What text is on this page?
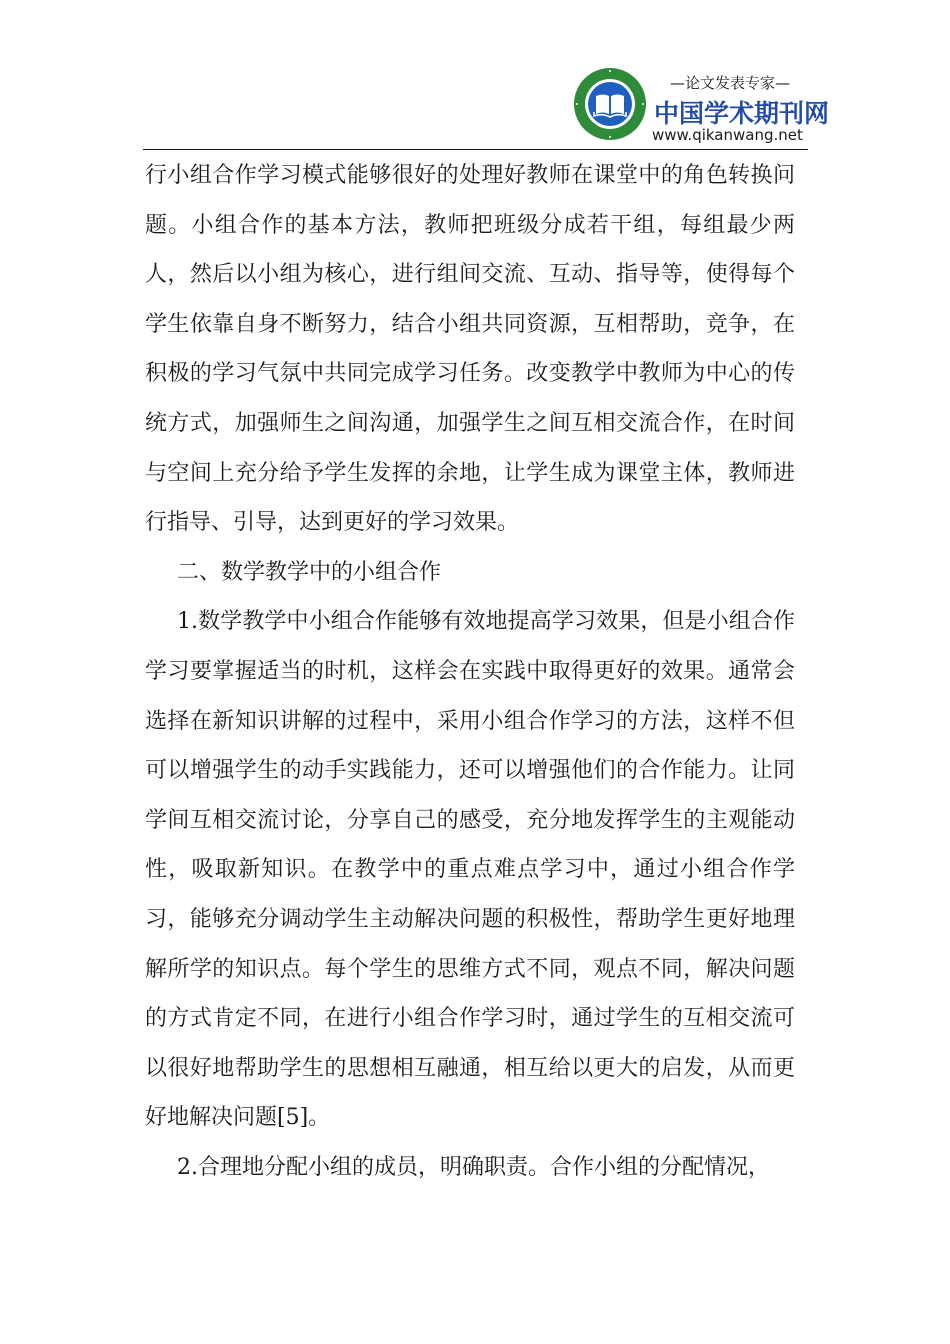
—论文发表专家—
中国学术期刊网
www.qikanwang.net

行小组合作学习模式能够很好的处理好教师在课堂中的角色转换问题。小组合作的基本方法，教师把班级分成若干组，每组最少两人，然后以小组为核心，进行组间交流、互动、指导等，使得每个学生依靠自身不断努力，结合小组共同资源，互相帮助，竞争，在积极的学习气氛中共同完成学习任务。改变教学中教师为中心的传统方式，加强师生之间沟通，加强学生之间互相交流合作，在时间与空间上充分给予学生发挥的余地，让学生成为课堂主体，教师进行指导、引导，达到更好的学习效果。

二、数学教学中的小组合作

1.数学教学中小组合作能够有效地提高学习效果，但是小组合作学习要掌握适当的时机，这样会在实践中取得更好的效果。通常会选择在新知识讲解的过程中，采用小组合作学习的方法，这样不但可以增强学生的动手实践能力，还可以增强他们的合作能力。让同学间互相交流讨论，分享自己的感受，充分地发挥学生的主观能动性，吸取新知识。在教学中的重点难点学习中，通过小组合作学习，能够充分调动学生主动解决问题的积极性，帮助学生更好地理解所学的知识点。每个学生的思维方式不同，观点不同，解决问题的方式肯定不同，在进行小组合作学习时，通过学生的互相交流可以很好地帮助学生的思想相互融通，相互给以更大的启发，从而更好地解决问题[5]。

2.合理地分配小组的成员，明确职责。合作小组的分配情况，
